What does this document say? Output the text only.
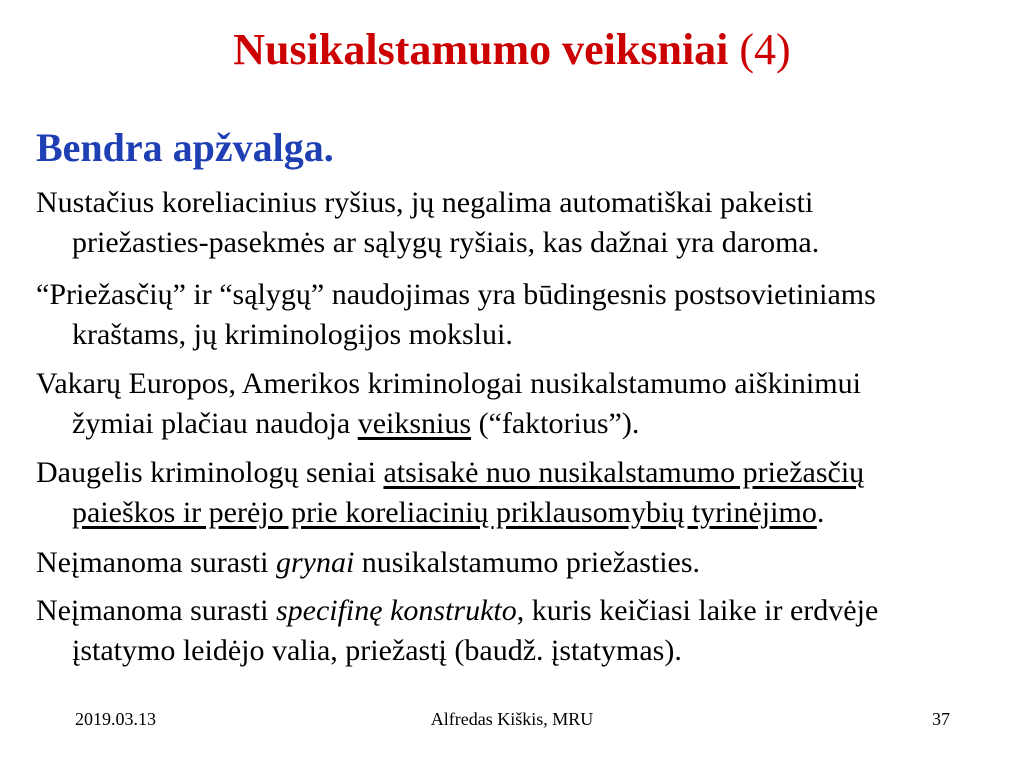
Nusikalstamumo veiksniai (4)
Bendra apžvalga.
Nustačius koreliacinius ryšius, jų negalima automatiškai pakeisti
priežasties-pasekmės ar sąlygų ryšiais, kas dažnai yra daroma.
“Priežasčių” ir “sąlygų” naudojimas yra būdingesnis postsovietiniams
kraštams, jų kriminologijos mokslui.
Vakarų Europos, Amerikos kriminologai nusikalstamumo aiškinimui
žymiai plačiau naudoja veiksnius (“faktorius”).
Daugelis kriminologų seniai atsisakė nuo nusikalstamumo priežasčių
paieškos ir perėjo prie koreliacinių priklausomybių tyrinėjimo.
Neįmanoma surasti grynai nusikalstamumo priežasties.
Neįmanoma surasti specifinę konstrukto, kuris keičiasi laike ir erdvėje
įstatymo leidėjo valia, priežastį (baudž. įstatymas).
2019.03.13	Alfredas Kiškis, MRU	37
